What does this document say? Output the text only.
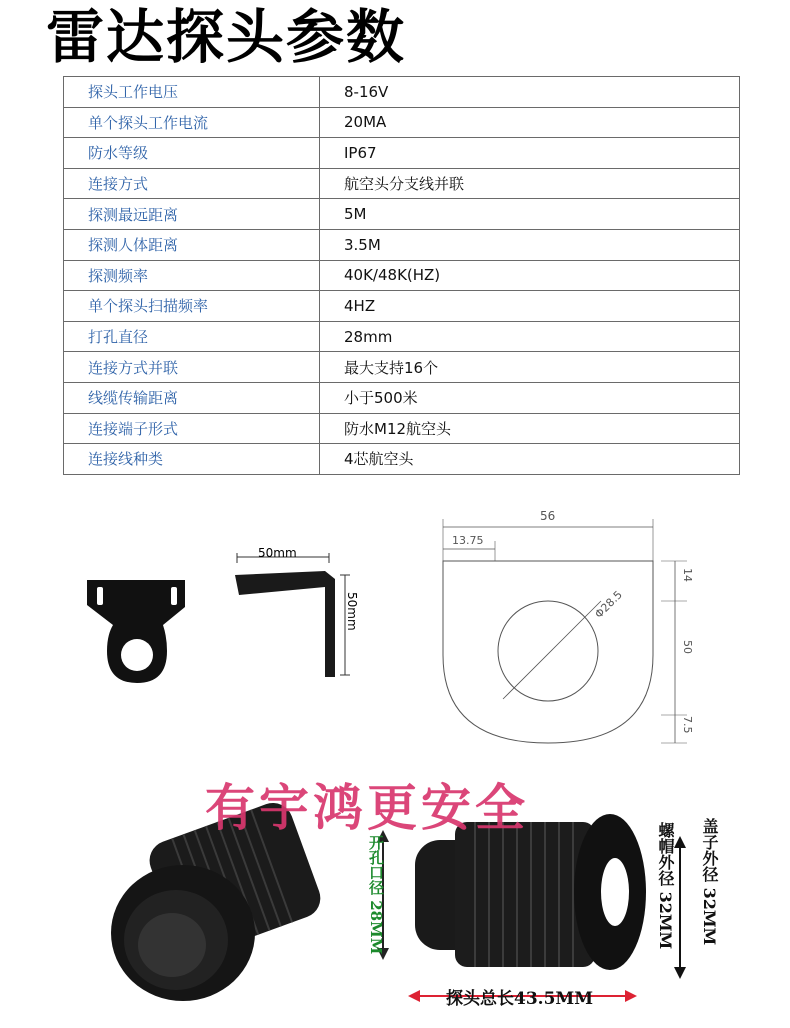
雷达探头参数
探头工作电压	8-16V
单个探头工作电流	20MA
防水等级	IP67
连接方式	航空头分支线并联
探测最远距离	5M
探测人体距离	3.5M
探测频率	40K/48K(HZ)
单个探头扫描频率	4HZ
打孔直径	28mm
连接方式并联	最大支持16个
线缆传输距离	小于500米
连接端子形式	防水M12航空头
连接线种类	4芯航空头
50mm
50mm
56
13.75
Φ28.5
14
50
7.5
有宇鸿更安全
开孔口径 28MM	盖子外径 32MM
螺帽外径 32MM
探头总长43.5MM
